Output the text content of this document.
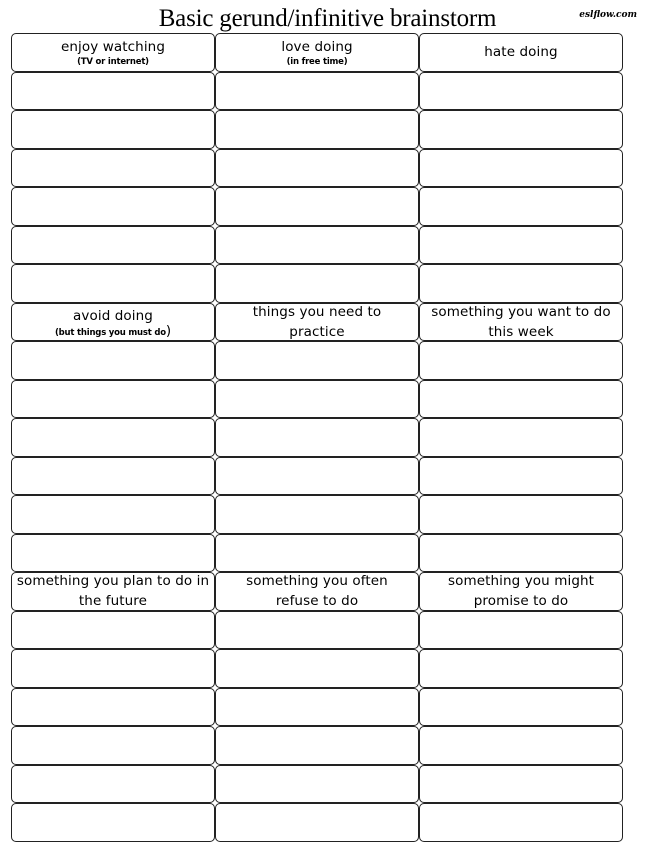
Basic gerund/infinitive brainstorm	eslflow.com
enjoy watching
(TV or internet)
love doing
(in free time)
hate doing
avoid doing
(but things you must do)
things you need to practice
something you want to do this week
something you plan to do in the future
something you often refuse to do
something you might promise to do
